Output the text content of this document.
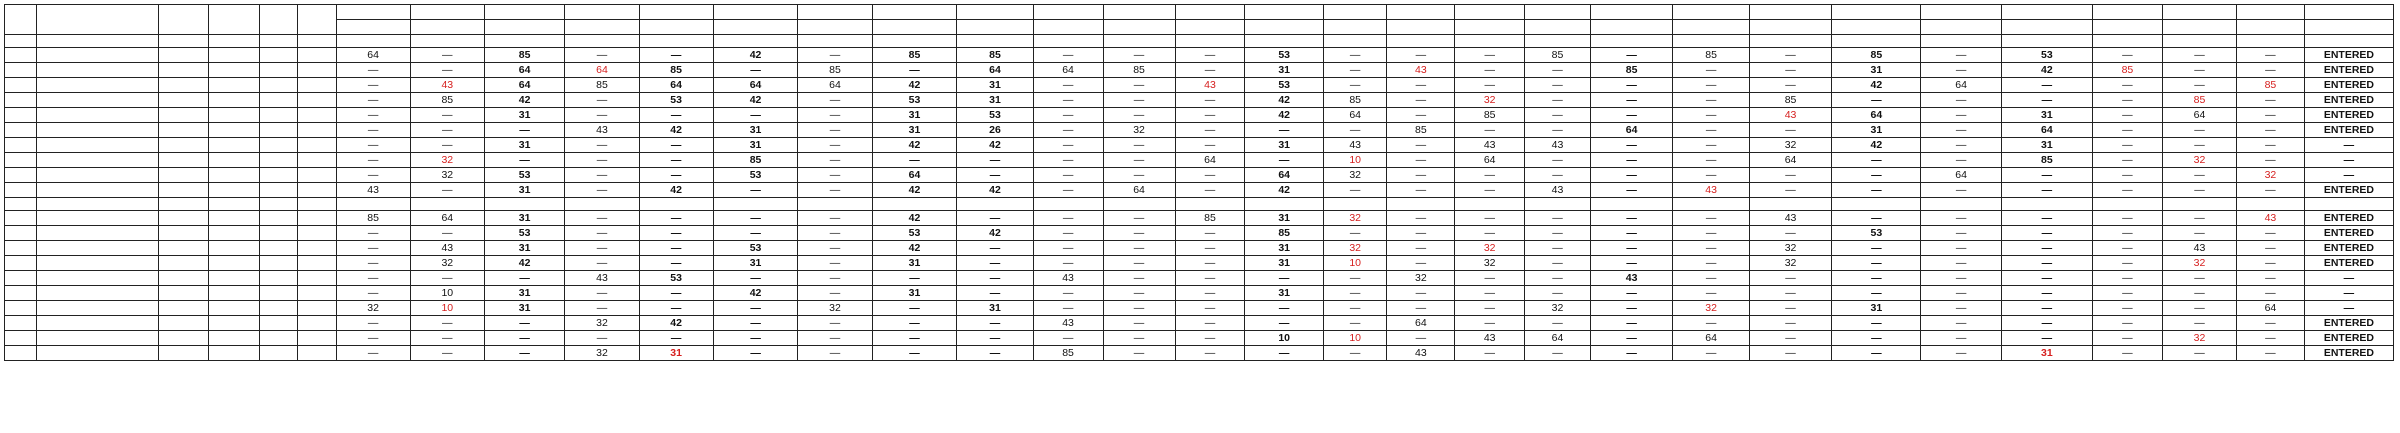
						64	—	85	—	—	42	—	85	85	—	—	—	53	—	—	—	85	—	85	—	85	—	53	—	—	—	ENTERED
						—	—	64	64	85	—	85	—	64	64	85	—	31	—	43	—	—	85	—	—	31	—	42	85	—	—	ENTERED
						—	43	64	85	64	64	64	42	31	—	—	43	53	—	—	—	—	—	—	—	42	64	—	—	—	85	ENTERED
						—	85	42	—	53	42	—	53	31	—	—	—	42	85	—	32	—	—	—	85	—	—	—	—	85	—	ENTERED
						—	—	31	—	—	—	—	31	53	—	—	—	42	64	—	85	—	—	—	43	64	—	31	—	64	—	ENTERED
						—	—	—	43	42	31	—	31	26	—	32	—	—	—	85	—	—	64	—	—	31	—	64	—	—	—	ENTERED
						—	—	31	—	—	31	—	42	42	—	—	—	31	43	—	43	43	—	—	32	42	—	31	—	—	—	—
						—	32	—	—	—	85	—	—	—	—	—	64	—	10	—	64	—	—	—	64	—	—	85	—	32	—	—
						—	32	53	—	—	53	—	64	—	—	—	—	64	32	—	—	—	—	—	—	—	64	—	—	—	32	—
						43	—	31	—	42	—	—	42	42	—	64	—	42	—	—	—	43	—	43	—	—	—	—	—	—	—	ENTERED

						85	64	31	—	—	—	—	42	—	—	—	85	31	32	—	—	—	—	—	43	—	—	—	—	—	43	ENTERED
						—	—	53	—	—	—	—	53	42	—	—	—	85	—	—	—	—	—	—	—	53	—	—	—	—	—	ENTERED
						—	43	31	—	—	53	—	42	—	—	—	—	31	32	—	32	—	—	—	32	—	—	—	—	43	—	ENTERED
						—	32	42	—	—	31	—	31	—	—	—	—	31	10	—	32	—	—	—	32	—	—	—	—	32	—	ENTERED
						—	—	—	43	53	—	—	—	—	43	—	—	—	—	32	—	—	43	—	—	—	—	—	—	—	—	—
						—	10	31	—	—	42	—	31	—	—	—	—	31	—	—	—	—	—	—	—	—	—	—	—	—	—	—
						32	10	31	—	—	—	32	—	31	—	—	—	—	—	—	—	32	—	32	—	31	—	—	—	—	64	—
						—	—	—	32	42	—	—	—	—	43	—	—	—	—	64	—	—	—	—	—	—	—	—	—	—	—	ENTERED
						—	—	—	—	—	—	—	—	—	—	—	—	10	10	—	43	64	—	64	—	—	—	—	—	32	—	ENTERED
						—	—	—	32	31	—	—	—	—	85	—	—	—	—	43	—	—	—	—	—	—	—	31	—	—	—	ENTERED
